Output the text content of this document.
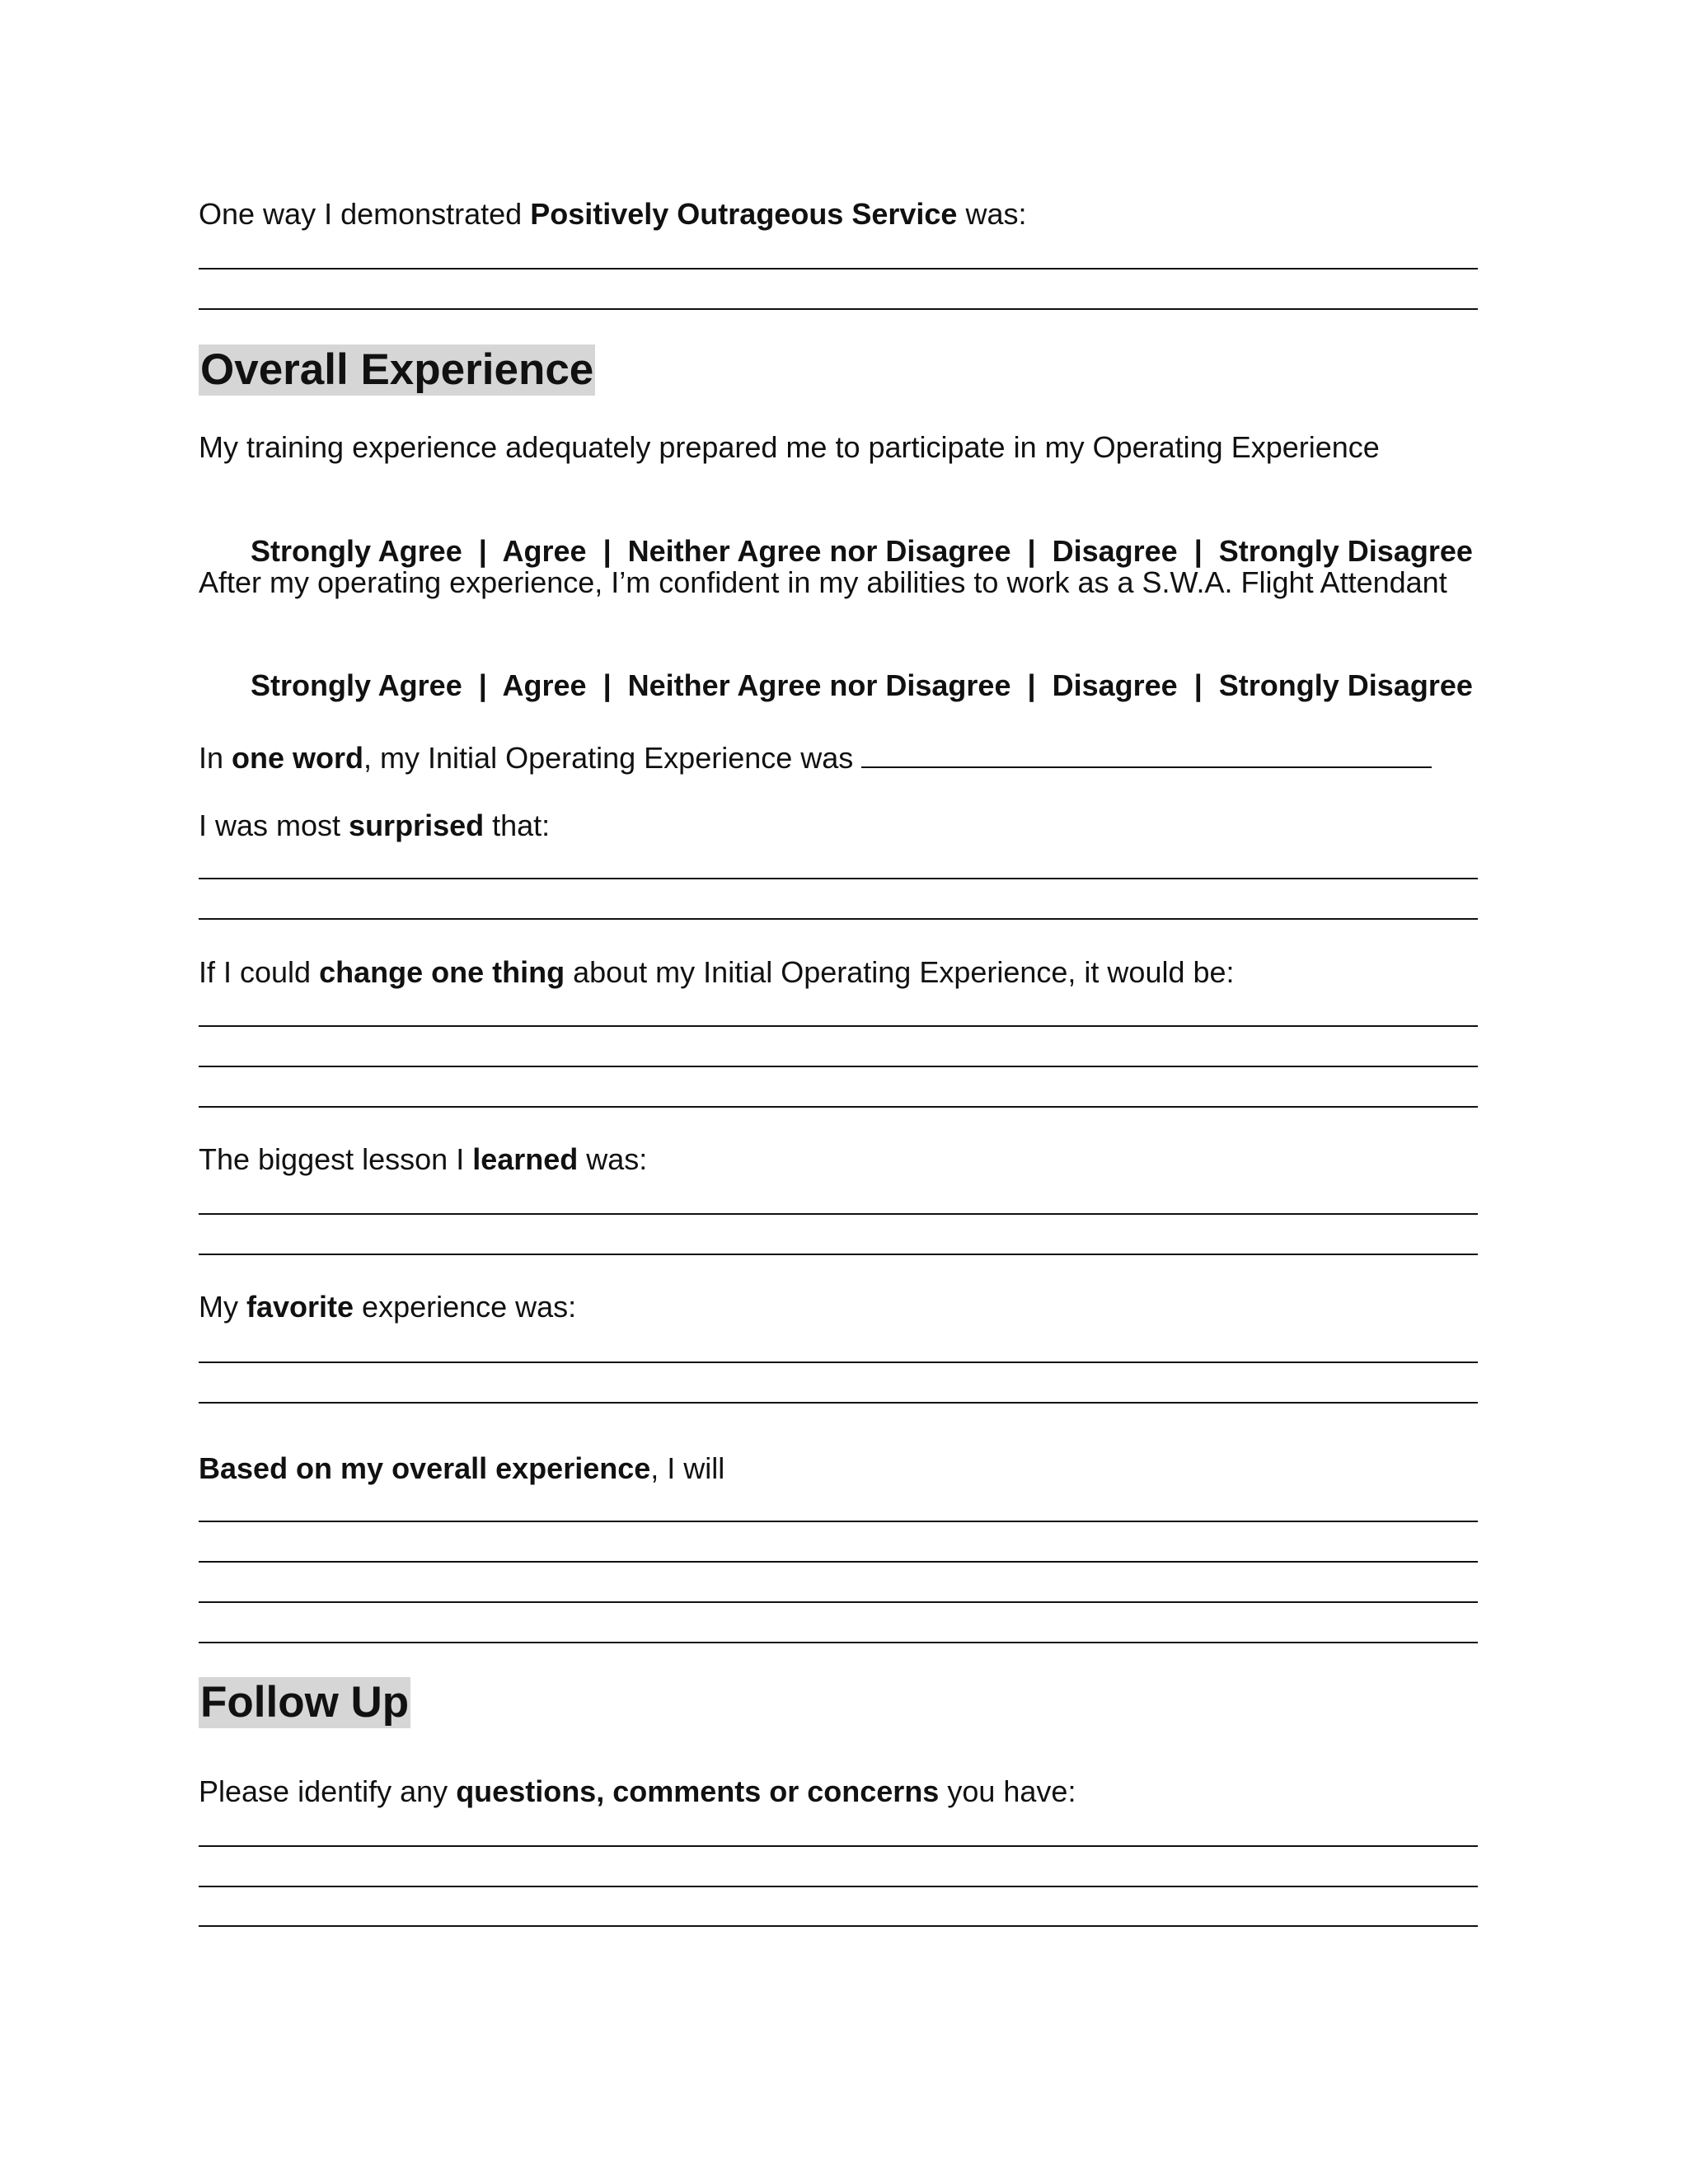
One way I demonstrated Positively Outrageous Service was:
Overall Experience
My training experience adequately prepared me to participate in my Operating Experience

Strongly Agree | Agree | Neither Agree nor Disagree | Disagree | Strongly Disagree

After my operating experience, I’m confident in my abilities to work as a S.W.A. Flight Attendant

Strongly Agree | Agree | Neither Agree nor Disagree | Disagree | Strongly Disagree

In one word, my Initial Operating Experience was
I was most surprised that:
If I could change one thing about my Initial Operating Experience, it would be:
The biggest lesson I learned was:
My favorite experience was:
Based on my overall experience, I will
Follow Up
Please identify any questions, comments or concerns you have:
